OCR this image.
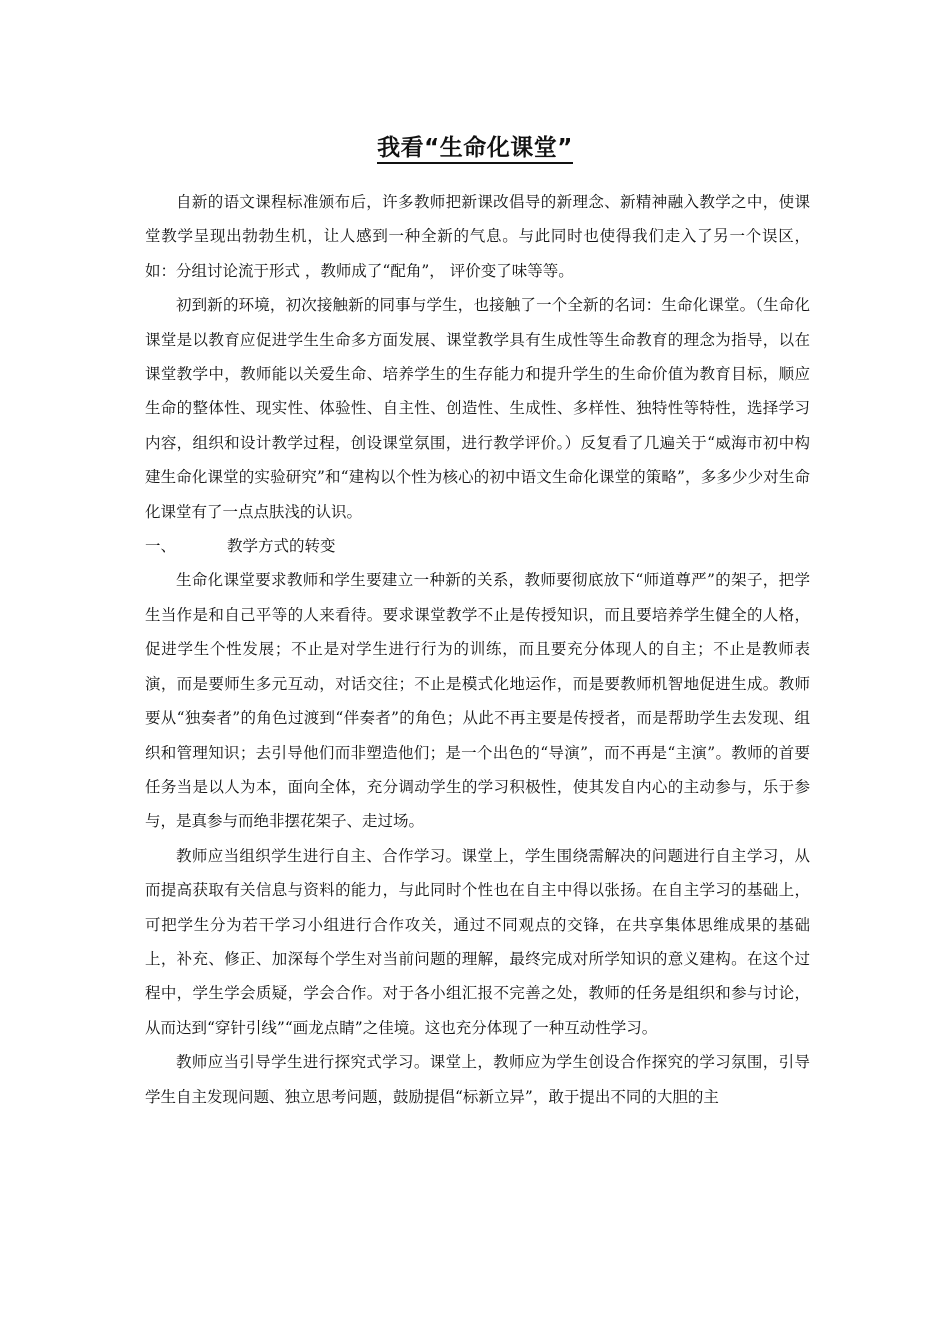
我看“生命化课堂”

自新的语文课程标准颁布后，许多教师把新课改倡导的新理念、新精神融入教学之中，使课堂教学呈现出勃勃生机，让人感到一种全新的气息。与此同时也使得我们走入了另一个误区，如：分组讨论流于形式 ，教师成了“配角”， 评价变了味等等。

初到新的环境，初次接触新的同事与学生，也接触了一个全新的名词：生命化课堂。（生命化课堂是以教育应促进学生生命多方面发展、课堂教学具有生成性等生命教育的理念为指导，以在课堂教学中，教师能以关爱生命、培养学生的生存能力和提升学生的生命价值为教育目标，顺应生命的整体性、现实性、体验性、自主性、创造性、生成性、多样性、独特性等特性，选择学习内容，组织和设计教学过程，创设课堂氛围，进行教学评价。）反复看了几遍关于“威海市初中构建生命化课堂的实验研究”和“建构以个性为核心的初中语文生命化课堂的策略”，多多少少对生命化课堂有了一点点肤浅的认识。

一、	教学方式的转变

生命化课堂要求教师和学生要建立一种新的关系，教师要彻底放下“师道尊严”的架子，把学生当作是和自己平等的人来看待。要求课堂教学不止是传授知识，而且要培养学生健全的人格，促进学生个性发展；不止是对学生进行行为的训练，而且要充分体现人的自主；不止是教师表演，而是要师生多元互动，对话交往；不止是模式化地运作，而是要教师机智地促进生成。教师要从“独奏者”的角色过渡到“伴奏者”的角色；从此不再主要是传授者，而是帮助学生去发现、组织和管理知识；去引导他们而非塑造他们；是一个出色的“导演”，而不再是“主演”。教师的首要任务当是以人为本，面向全体，充分调动学生的学习积极性，使其发自内心的主动参与，乐于参与，是真参与而绝非摆花架子、走过场。

教师应当组织学生进行自主、合作学习。课堂上，学生围绕需解决的问题进行自主学习，从而提高获取有关信息与资料的能力，与此同时个性也在自主中得以张扬。在自主学习的基础上，可把学生分为若干学习小组进行合作攻关，通过不同观点的交锋，在共享集体思维成果的基础上，补充、修正、加深每个学生对当前问题的理解，最终完成对所学知识的意义建构。在这个过程中，学生学会质疑，学会合作。对于各小组汇报不完善之处，教师的任务是组织和参与讨论，从而达到“穿针引线”“画龙点睛”之佳境。这也充分体现了一种互动性学习。

教师应当引导学生进行探究式学习。课堂上，教师应为学生创设合作探究的学习氛围，引导学生自主发现问题、独立思考问题，鼓励提倡“标新立异”，敢于提出不同的大胆的主
